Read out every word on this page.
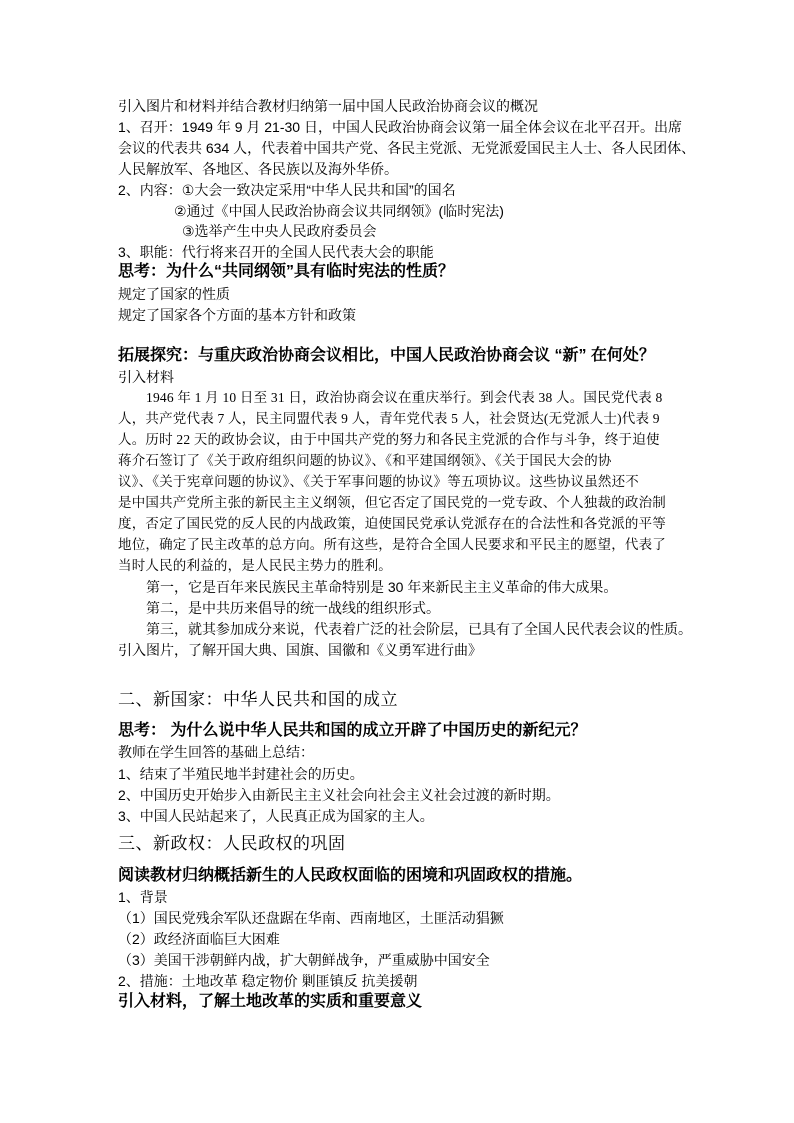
引入图片和材料并结合教材归纳第一届中国人民政治协商会议的概况
1、召开：1949 年 9 月 21-30 日，中国人民政治协商会议第一届全体会议在北平召开。出席
会议的代表共 634 人，代表着中国共产党、各民主党派、无党派爱国民主人士、各人民团体、
人民解放军、各地区、各民族以及海外华侨。
2、内容：①大会一致决定采用“中华人民共和国”的国名
②通过《中国人民政治协商会议共同纲领》(临时宪法)
③选举产生中央人民政府委员会
3、职能：代行将来召开的全国人民代表大会的职能
思考：为什么“共同纲领”具有临时宪法的性质？
规定了国家的性质
规定了国家各个方面的基本方针和政策
拓展探究：与重庆政治协商会议相比，中国人民政治协商会议 “新” 在何处？
引入材料
1946 年 1 月 10 日至 31 日，政治协商会议在重庆举行。到会代表 38 人。国民党代表 8
人，共产党代表 7 人，民主同盟代表 9 人，青年党代表 5 人，社会贤达(无党派人士)代表 9
人。历时 22 天的政协会议，由于中国共产党的努力和各民主党派的合作与斗争，终于迫使
蒋介石签订了《关于政府组织问题的协议》、《和平建国纲领》、《关于国民大会的协
议》、《关于宪章问题的协议》、《关于军事问题的协议》等五项协议。这些协议虽然还不
是中国共产党所主张的新民主主义纲领，但它否定了国民党的一党专政、个人独裁的政治制
度，否定了国民党的反人民的内战政策，迫使国民党承认党派存在的合法性和各党派的平等
地位，确定了民主改革的总方向。所有这些，是符合全国人民要求和平民主的愿望，代表了
当时人民的利益的，是人民民主势力的胜利。
第一，它是百年来民族民主革命特别是 30 年来新民主主义革命的伟大成果。
第二，是中共历来倡导的统一战线的组织形式。
第三，就其参加成分来说，代表着广泛的社会阶层，已具有了全国人民代表会议的性质。
引入图片，了解开国大典、国旗、国徽和《义勇军进行曲》
二、新国家：中华人民共和国的成立
思考： 为什么说中华人民共和国的成立开辟了中国历史的新纪元？
教师在学生回答的基础上总结：
1、结束了半殖民地半封建社会的历史。
2、中国历史开始步入由新民主主义社会向社会主义社会过渡的新时期。
3、中国人民站起来了，人民真正成为国家的主人。
三、新政权：人民政权的巩固
阅读教材归纳概括新生的人民政权面临的困境和巩固政权的措施。
1、背景
（1）国民党残余军队还盘踞在华南、西南地区，土匪活动猖獗
（2）政经济面临巨大困难
（3）美国干涉朝鲜内战，扩大朝鲜战争，严重威胁中国安全
2、措施：土地改革 稳定物价 剿匪镇反 抗美援朝
引入材料，了解土地改革的实质和重要意义
